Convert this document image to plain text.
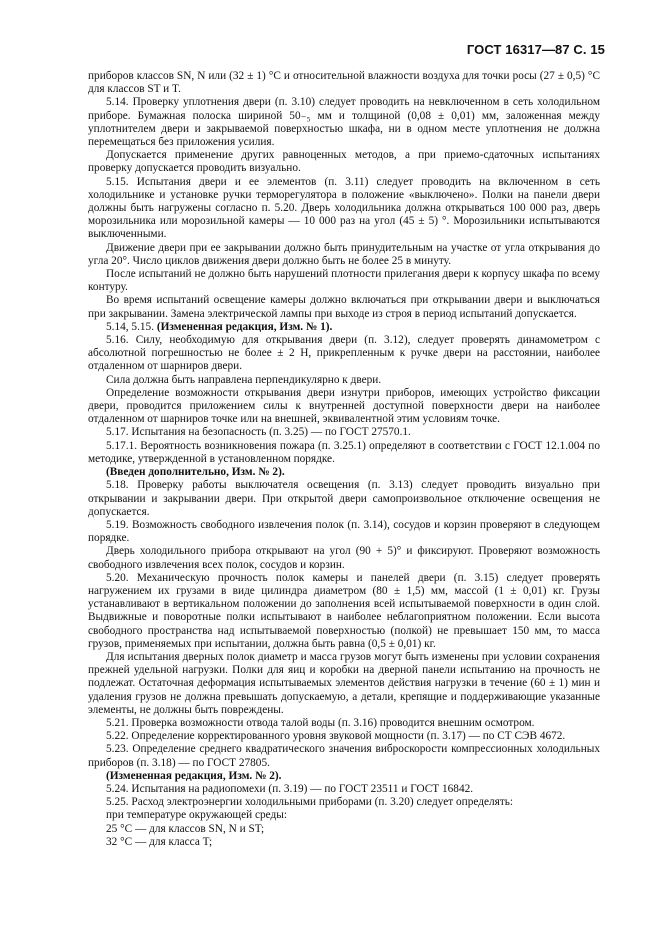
ГОСТ 16317—87 С. 15

приборов классов SN, N или (32 ± 1) °С и относительной влажности воздуха для точки росы (27 ± 0,5) °С для классов ST и T.

5.14. Проверку уплотнения двери (п. 3.10) следует проводить на невключенном в сеть холодильном приборе. Бумажная полоска шириной 50₋₅ мм и толщиной (0,08 ± 0,01) мм, заложенная между уплотнителем двери и закрываемой поверхностью шкафа, ни в одном месте уплотнения не должна перемещаться без приложения усилия.

Допускается применение других равноценных методов, а при приемо-сдаточных испытаниях проверку допускается проводить визуально.

5.15. Испытания двери и ее элементов (п. 3.11) следует проводить на включенном в сеть холодильнике и установке ручки терморегулятора в положение «выключено». Полки на панели двери должны быть нагружены согласно п. 5.20. Дверь холодильника должна открываться 100 000 раз, дверь морозильника или морозильной камеры — 10 000 раз на угол (45 ± 5) °. Морозильники испытываются выключенными.

Движение двери при ее закрывании должно быть принудительным на участке от угла открывания до угла 20°. Число циклов движения двери должно быть не более 25 в минуту.

После испытаний не должно быть нарушений плотности прилегания двери к корпусу шкафа по всему контуру.

Во время испытаний освещение камеры должно включаться при открывании двери и выключаться при закрывании. Замена электрической лампы при выходе из строя в период испытаний допускается.

5.14, 5.15. (Измененная редакция, Изм. № 1).

5.16. Силу, необходимую для открывания двери (п. 3.12), следует проверять динамометром с абсолютной погрешностью не более ± 2 Н, прикрепленным к ручке двери на расстоянии, наиболее отдаленном от шарниров двери.

Сила должна быть направлена перпендикулярно к двери.

Определение возможности открывания двери изнутри приборов, имеющих устройство фиксации двери, проводится приложением силы к внутренней доступной поверхности двери на наиболее отдаленном от шарниров точке или на внешней, эквивалентной этим условиям точке.

5.17. Испытания на безопасность (п. 3.25) — по ГОСТ 27570.1.

5.17.1. Вероятность возникновения пожара (п. 3.25.1) определяют в соответствии с ГОСТ 12.1.004 по методике, утвержденной в установленном порядке.

(Введен дополнительно, Изм. № 2).

5.18. Проверку работы выключателя освещения (п. 3.13) следует проводить визуально при открывании и закрывании двери. При открытой двери самопроизвольное отключение освещения не допускается.

5.19. Возможность свободного извлечения полок (п. 3.14), сосудов и корзин проверяют в следующем порядке.

Дверь холодильного прибора открывают на угол (90 + 5)° и фиксируют. Проверяют возможность свободного извлечения всех полок, сосудов и корзин.

5.20. Механическую прочность полок камеры и панелей двери (п. 3.15) следует проверять нагружением их грузами в виде цилиндра диаметром (80 ± 1,5) мм, массой (1 ± 0,01) кг. Грузы устанавливают в вертикальном положении до заполнения всей испытываемой поверхности в один слой. Выдвижные и поворотные полки испытывают в наиболее неблагоприятном положении. Если высота свободного пространства над испытываемой поверхностью (полкой) не превышает 150 мм, то масса грузов, применяемых при испытании, должна быть равна (0,5 ± 0,01) кг.

Для испытания дверных полок диаметр и масса грузов могут быть изменены при условии сохранения прежней удельной нагрузки. Полки для яиц и коробки на дверной панели испытанию на прочность не подлежат. Остаточная деформация испытываемых элементов действия нагрузки в течение (60 ± 1) мин и удаления грузов не должна превышать допускаемую, а детали, крепящие и поддерживающие указанные элементы, не должны быть повреждены.

5.21. Проверка возможности отвода талой воды (п. 3.16) проводится внешним осмотром.

5.22. Определение корректированного уровня звуковой мощности (п. 3.17) — по СТ СЭВ 4672.

5.23. Определение среднего квадратического значения виброскорости компрессионных холодильных приборов (п. 3.18) — по ГОСТ 27805.

(Измененная редакция, Изм. № 2).

5.24. Испытания на радиопомехи (п. 3.19) — по ГОСТ 23511 и ГОСТ 16842.

5.25. Расход электроэнергии холодильными приборами (п. 3.20) следует определять:

при температуре окружающей среды:

25 °С — для классов SN, N и ST;

32 °С — для класса T;
